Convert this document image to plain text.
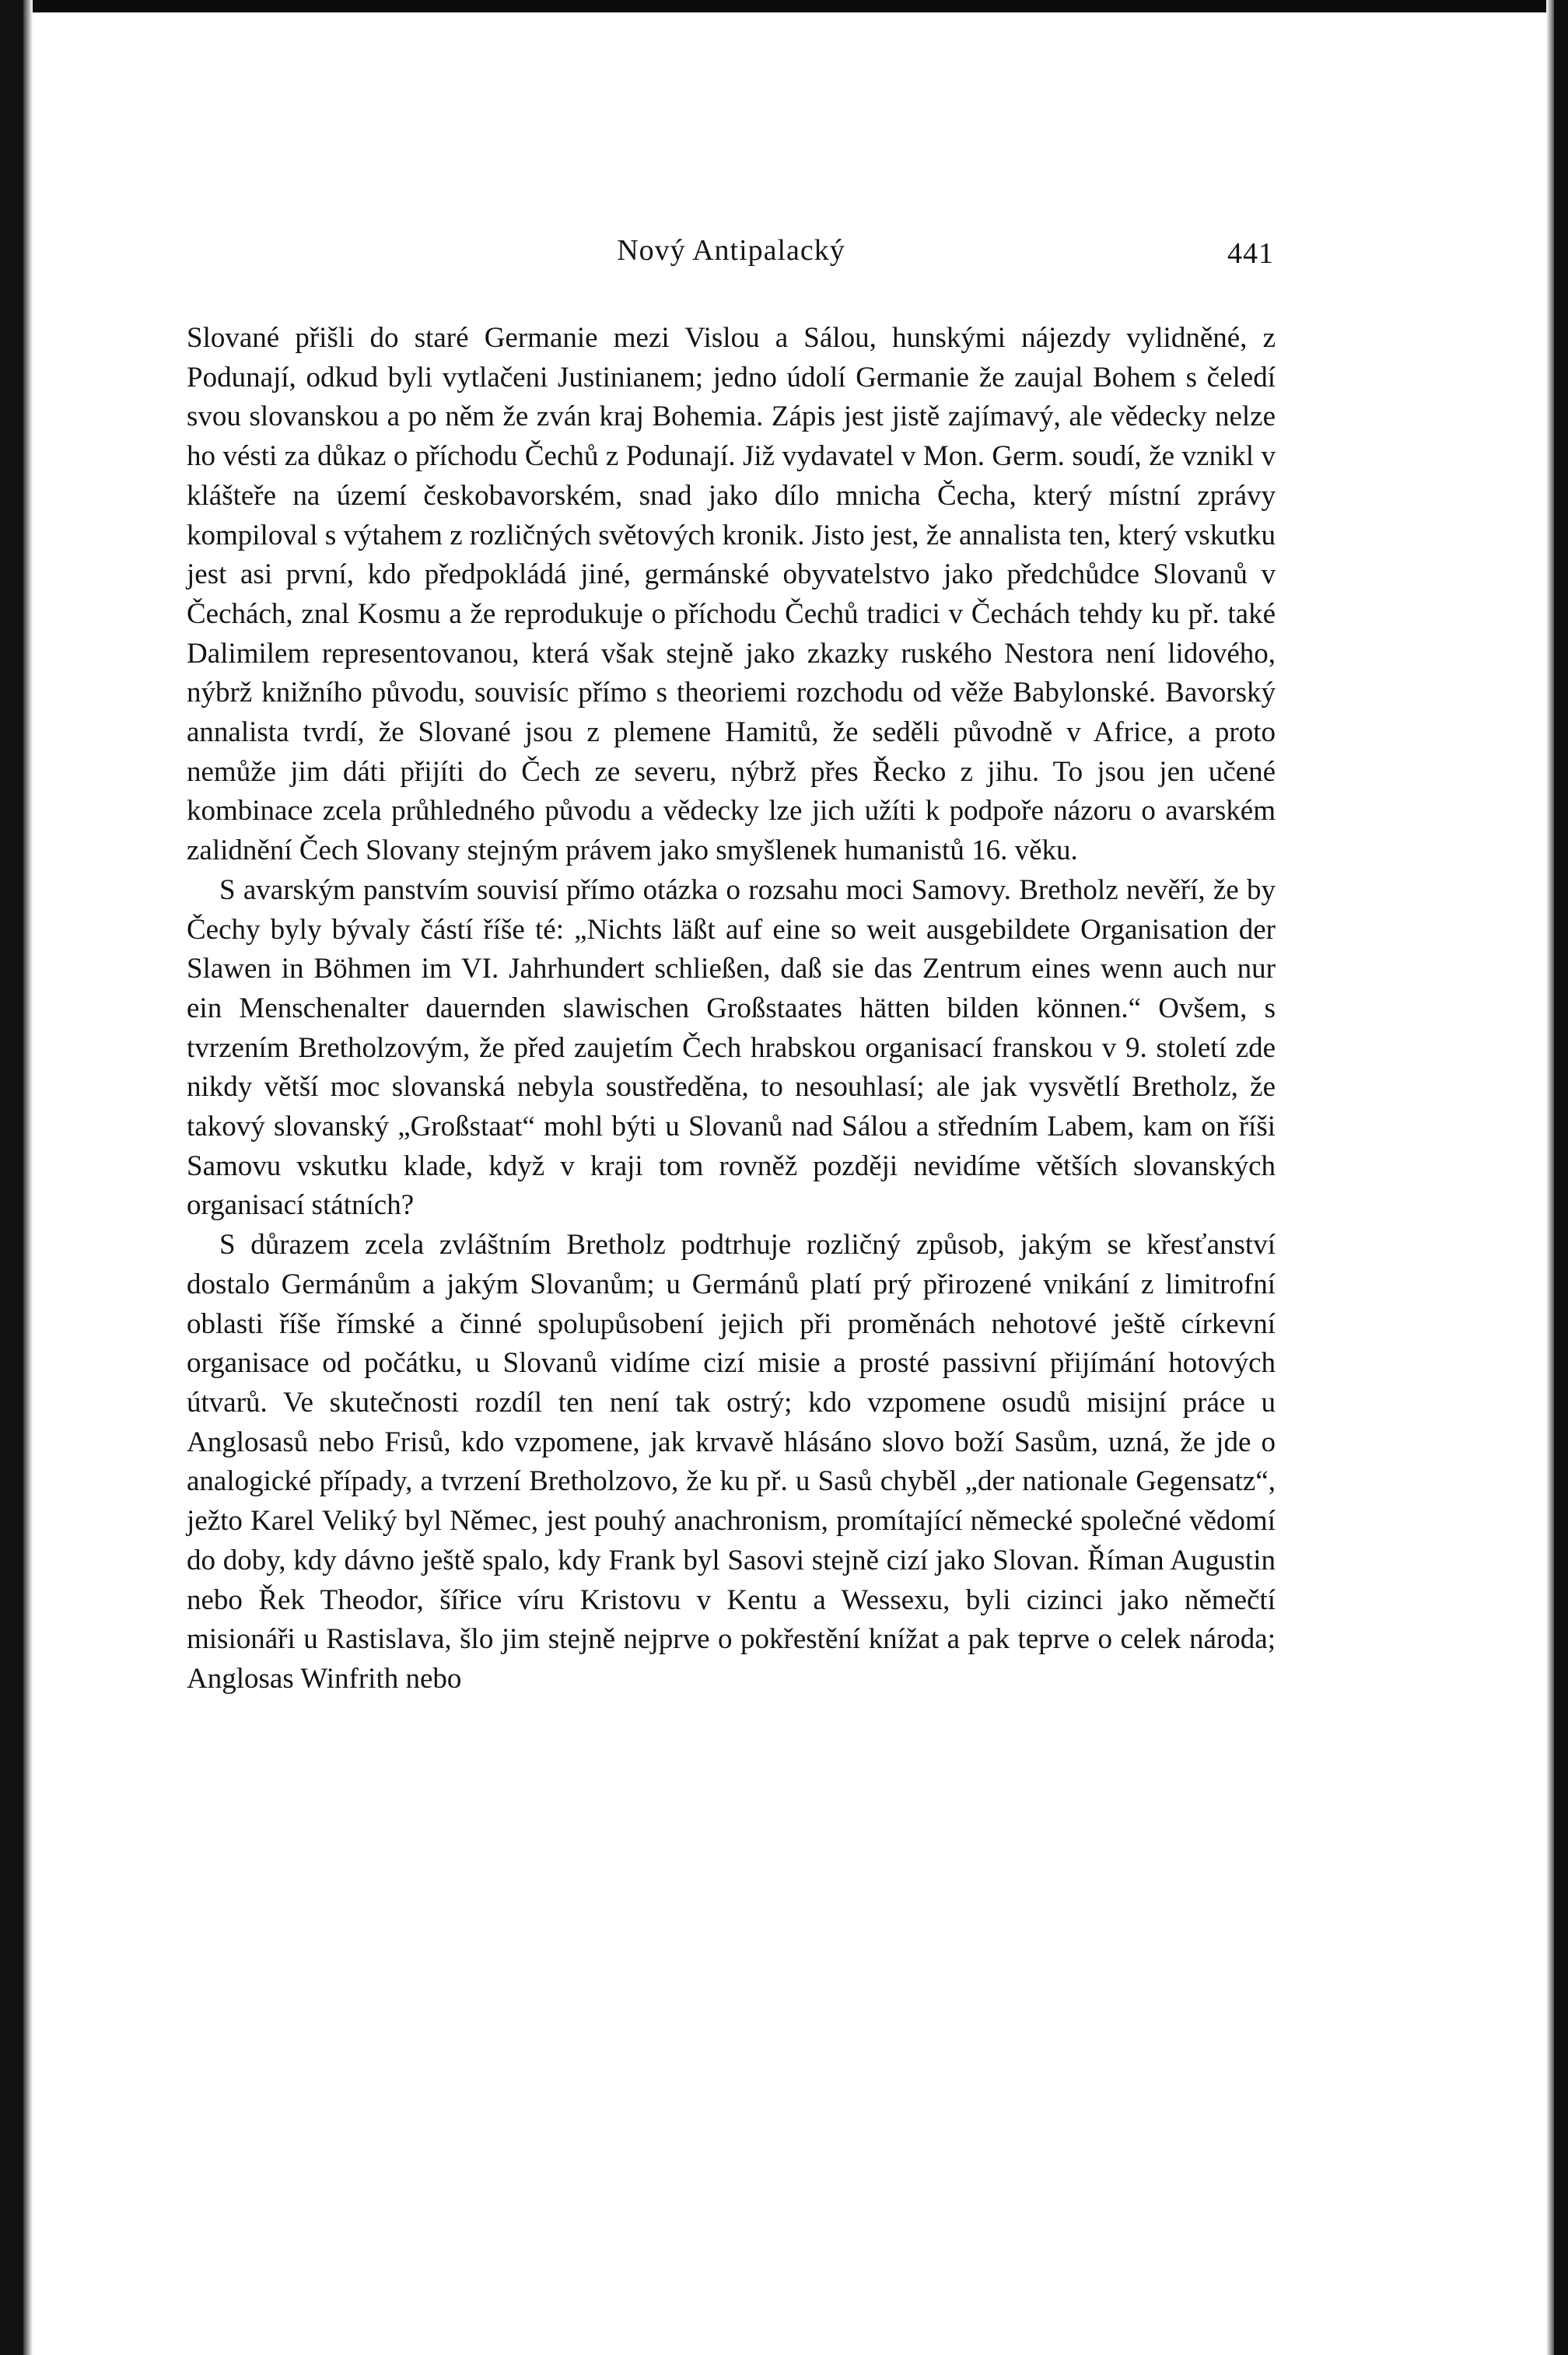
Nový Antipalacký	441

Slované přišli do staré Germanie mezi Vislou a Sálou, hunskými nájezdy vylidněné, z Podunají, odkud byli vytlačeni Justinianem; jedno údolí Germanie že zaujal Bohem s čeledí svou slovanskou a po něm že zván kraj Bohemia. Zápis jest jistě zajímavý, ale vědecky nelze ho vésti za důkaz o příchodu Čechů z Podunají. Již vydavatel v Mon. Germ. soudí, že vznikl v klášteře na území českobavorském, snad jako dílo mnicha Čecha, který místní zprávy kompiloval s výtahem z rozličných světových kronik. Jisto jest, že annalista ten, který vskutku jest asi první, kdo předpokládá jiné, germánské obyvatelstvo jako předchůdce Slovanů v Čechách, znal Kosmu a že reprodukuje o příchodu Čechů tradici v Čechách tehdy ku př. také Dalimilem representovanou, která však stejně jako zkazky ruského Nestora není lidového, nýbrž knižního původu, souvisíc přímo s theoriemi rozchodu od věže Babylonské. Bavorský annalista tvrdí, že Slované jsou z plemene Hamitů, že seděli původně v Africe, a proto nemůže jim dáti přijíti do Čech ze severu, nýbrž přes Řecko z jihu. To jsou jen učené kombinace zcela průhledného původu a vědecky lze jich užíti k podpoře názoru o avarském zalidnění Čech Slovany stejným právem jako smyšlenek humanistů 16. věku.

S avarským panstvím souvisí přímo otázka o rozsahu moci Samovy. Bretholz nevěří, že by Čechy byly bývaly částí říše té: „Nichts läßt auf eine so weit ausgebildete Organisation der Slawen in Böhmen im VI. Jahrhundert schließen, daß sie das Zentrum eines wenn auch nur ein Menschenalter dauernden slawischen Großstaates hätten bilden können.“ Ovšem, s tvrzením Bretholzovým, že před zaujetím Čech hrabskou organisací franskou v 9. století zde nikdy větší moc slovanská nebyla soustředěna, to nesouhlasí; ale jak vysvětlí Bretholz, že takový slovanský „Großstaat“ mohl býti u Slovanů nad Sálou a středním Labem, kam on říši Samovu vskutku klade, když v kraji tom rovněž později nevidíme větších slovanských organisací státních?

S důrazem zcela zvláštním Bretholz podtrhuje rozličný způsob, jakým se křesťanství dostalo Germánům a jakým Slovanům; u Germánů platí prý přirozené vnikání z limitrofní oblasti říše římské a činné spolupůsobení jejich při proměnách nehotové ještě církevní organisace od počátku, u Slovanů vidíme cizí misie a prosté passivní přijímání hotových útvarů. Ve skutečnosti rozdíl ten není tak ostrý; kdo vzpomene osudů misijní práce u Anglosasů nebo Frisů, kdo vzpomene, jak krvavě hlásáno slovo boží Sasům, uzná, že jde o analogické případy, a tvrzení Bretholzovo, že ku př. u Sasů chyběl „der nationale Gegensatz“, ježto Karel Veliký byl Němec, jest pouhý anachronism, promítající německé společné vědomí do doby, kdy dávno ještě spalo, kdy Frank byl Sasovi stejně cizí jako Slovan. Říman Augustin nebo Řek Theodor, šířice víru Kristovu v Kentu a Wessexu, byli cizinci jako němečtí misionáři u Rastislava, šlo jim stejně nejprve o pokřestění knížat a pak teprve o celek národa; Anglosas Winfrith nebo
